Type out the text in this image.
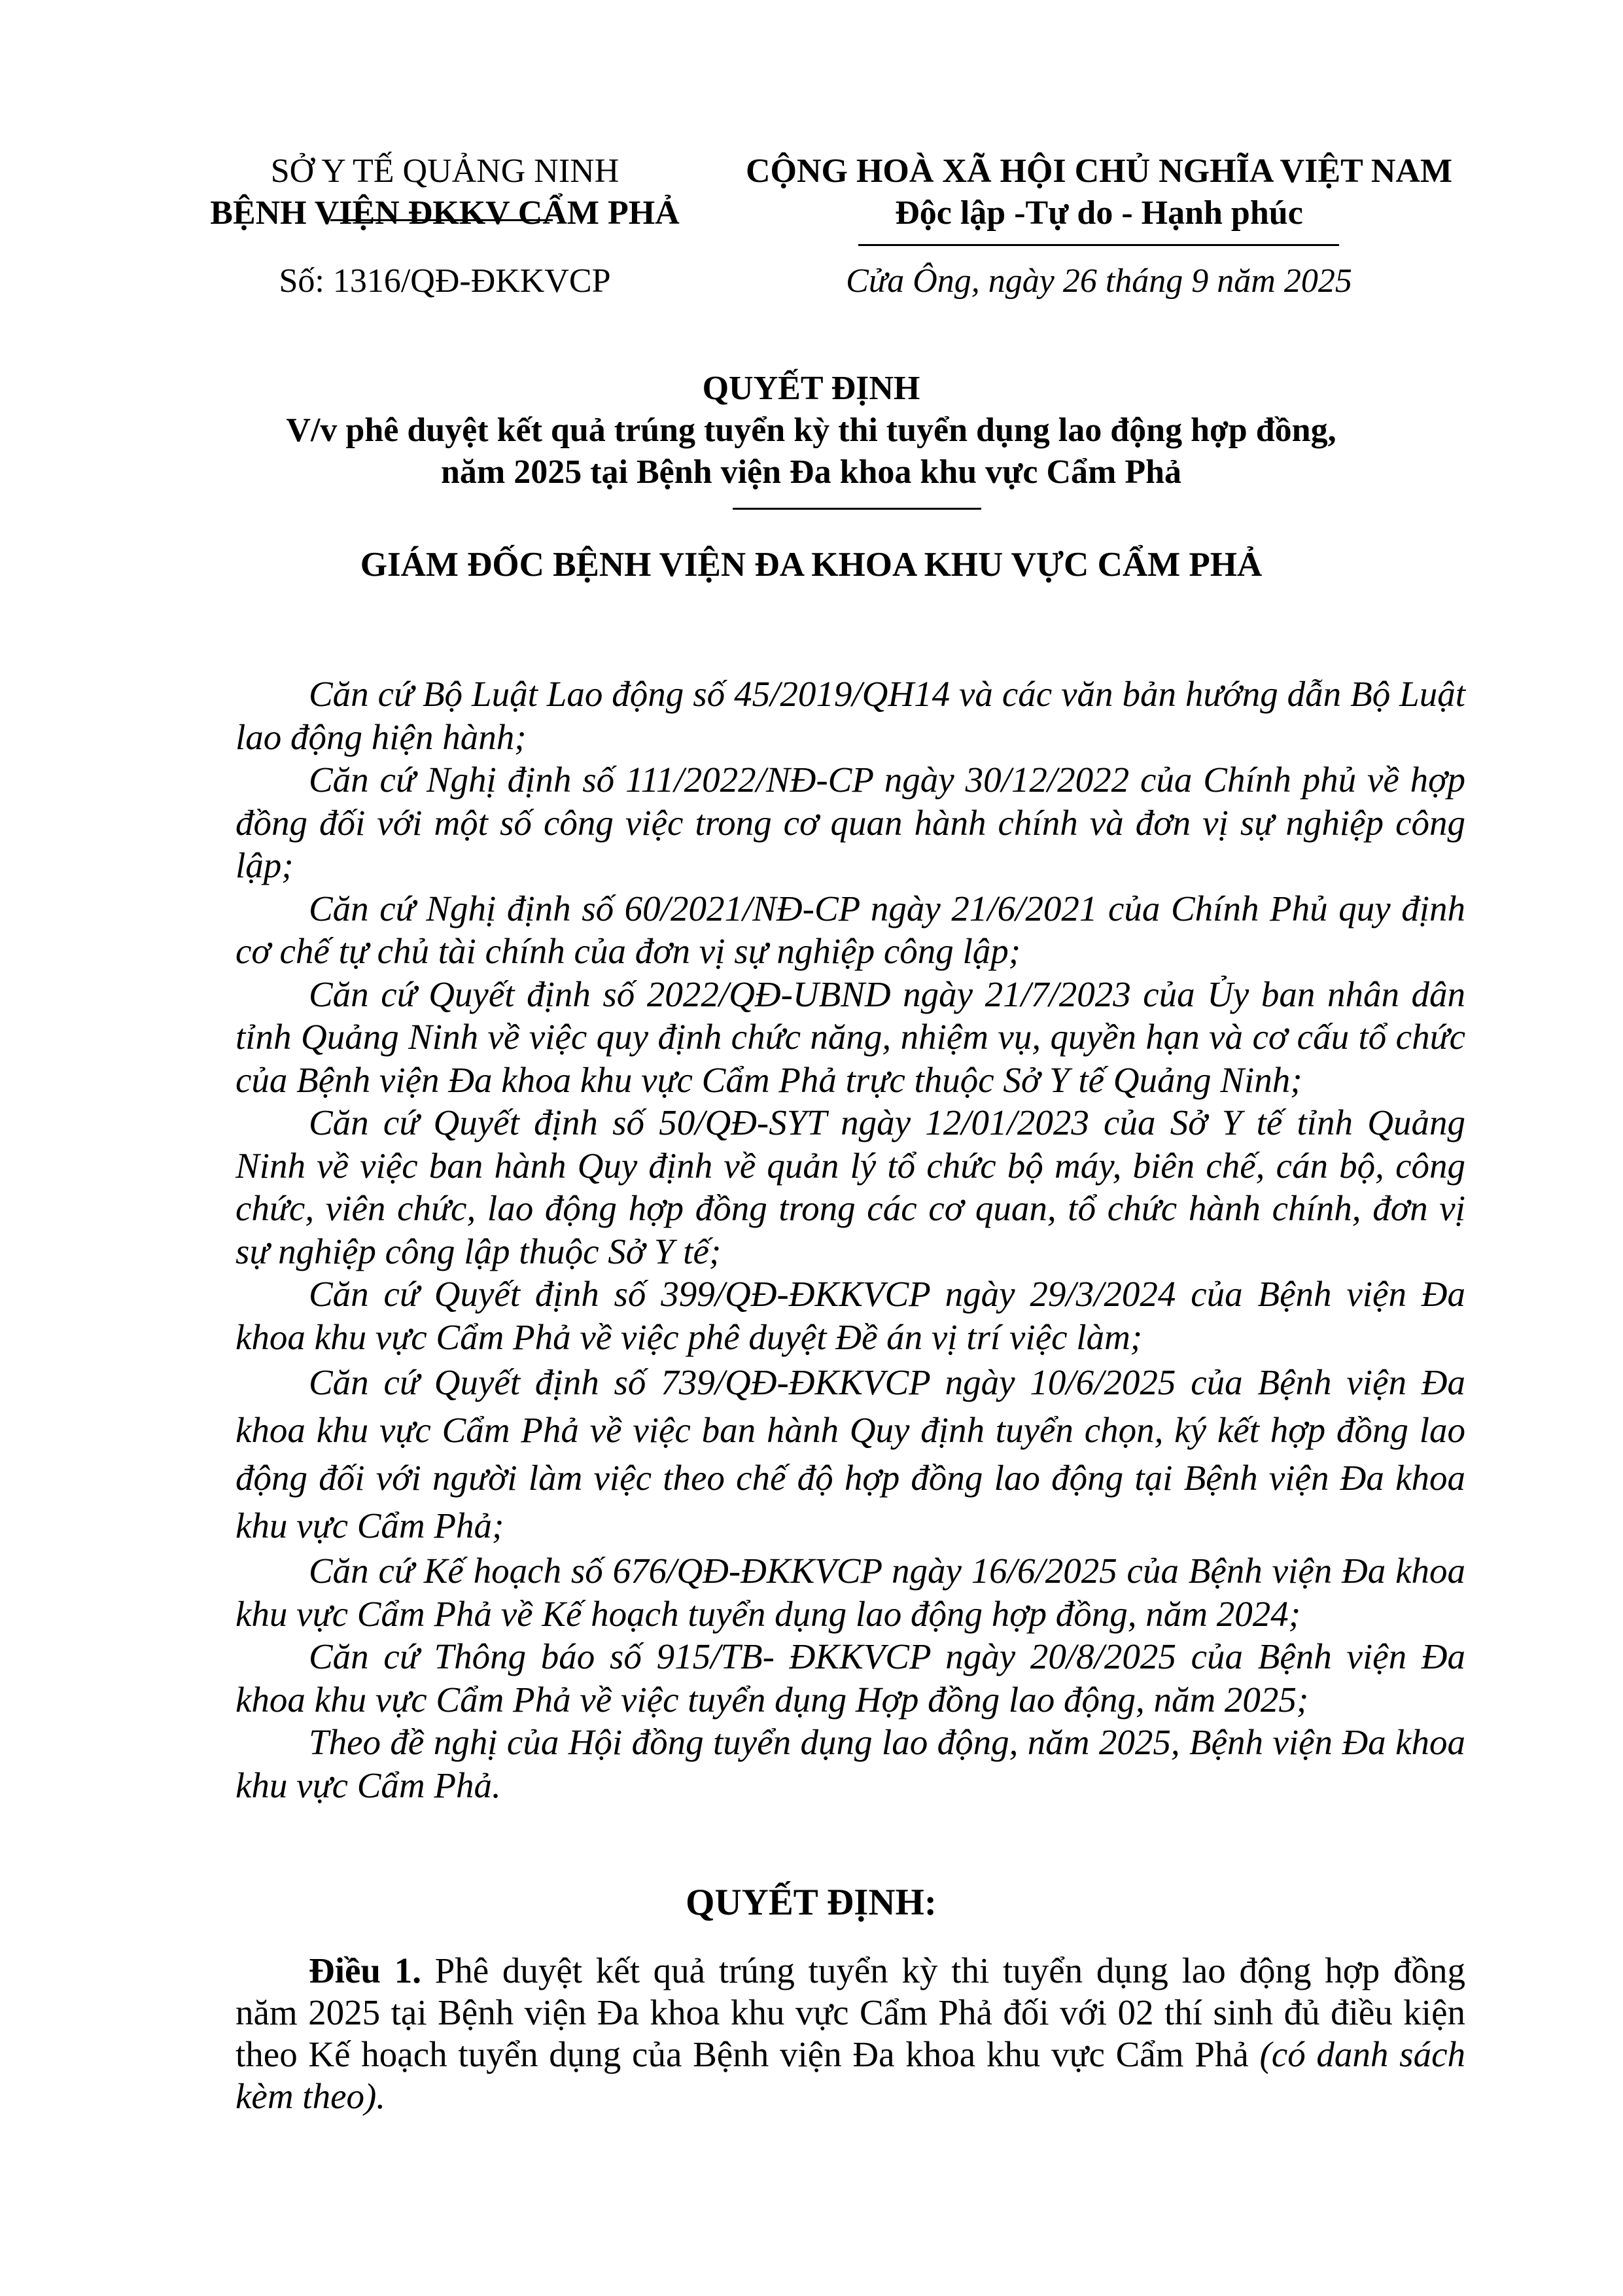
SỞ Y TẾ QUẢNG NINH
BỆNH VIỆN ĐKKV CẨM PHẢ
CỘNG HOÀ XÃ HỘI CHỦ NGHĨA VIỆT NAM
Độc lập -Tự do - Hạnh phúc
Số: 1316/QĐ-ĐKKVCP	Cửa Ông, ngày 26 tháng 9 năm 2025
QUYẾT ĐỊNH
V/v phê duyệt kết quả trúng tuyển kỳ thi tuyển dụng lao động hợp đồng,
năm 2025 tại Bệnh viện Đa khoa khu vực Cẩm Phả
GIÁM ĐỐC BỆNH VIỆN ĐA KHOA KHU VỰC CẨM PHẢ

Căn cứ Bộ Luật Lao động số 45/2019/QH14 và các văn bản hướng dẫn Bộ Luật lao động hiện hành;

Căn cứ Nghị định số 111/2022/NĐ-CP ngày 30/12/2022 của Chính phủ về hợp đồng đối với một số công việc trong cơ quan hành chính và đơn vị sự nghiệp công lập;

Căn cứ Nghị định số 60/2021/NĐ-CP ngày 21/6/2021 của Chính Phủ quy định cơ chế tự chủ tài chính của đơn vị sự nghiệp công lập;

Căn cứ Quyết định số 2022/QĐ-UBND ngày 21/7/2023 của Ủy ban nhân dân tỉnh Quảng Ninh về việc quy định chức năng, nhiệm vụ, quyền hạn và cơ cấu tổ chức của Bệnh viện Đa khoa khu vực Cẩm Phả trực thuộc Sở Y tế Quảng Ninh;

Căn cứ Quyết định số 50/QĐ-SYT ngày 12/01/2023 của Sở Y tế tỉnh Quảng Ninh về việc ban hành Quy định về quản lý tổ chức bộ máy, biên chế, cán bộ, công chức, viên chức, lao động hợp đồng trong các cơ quan, tổ chức hành chính, đơn vị sự nghiệp công lập thuộc Sở Y tế;

Căn cứ Quyết định số 399/QĐ-ĐKKVCP ngày 29/3/2024 của Bệnh viện Đa khoa khu vực Cẩm Phả về việc phê duyệt Đề án vị trí việc làm;

Căn cứ Quyết định số 739/QĐ-ĐKKVCP ngày 10/6/2025 của Bệnh viện Đa khoa khu vực Cẩm Phả về việc ban hành Quy định tuyển chọn, ký kết hợp đồng lao động đối với người làm việc theo chế độ hợp đồng lao động tại Bệnh viện Đa khoa khu vực Cẩm Phả;

Căn cứ Kế hoạch số 676/QĐ-ĐKKVCP ngày 16/6/2025 của Bệnh viện Đa khoa khu vực Cẩm Phả về Kế hoạch tuyển dụng lao động hợp đồng, năm 2024;

Căn cứ Thông báo số 915/TB- ĐKKVCP ngày 20/8/2025 của Bệnh viện Đa khoa khu vực Cẩm Phả về việc tuyển dụng Hợp đồng lao động, năm 2025;

Theo đề nghị của Hội đồng tuyển dụng lao động, năm 2025, Bệnh viện Đa khoa khu vực Cẩm Phả.

QUYẾT ĐỊNH:
Điều 1. Phê duyệt kết quả trúng tuyển kỳ thi tuyển dụng lao động hợp đồng năm 2025 tại Bệnh viện Đa khoa khu vực Cẩm Phả đối với 02 thí sinh đủ điều kiện theo Kế hoạch tuyển dụng của Bệnh viện Đa khoa khu vực Cẩm Phả (có danh sách kèm theo).
